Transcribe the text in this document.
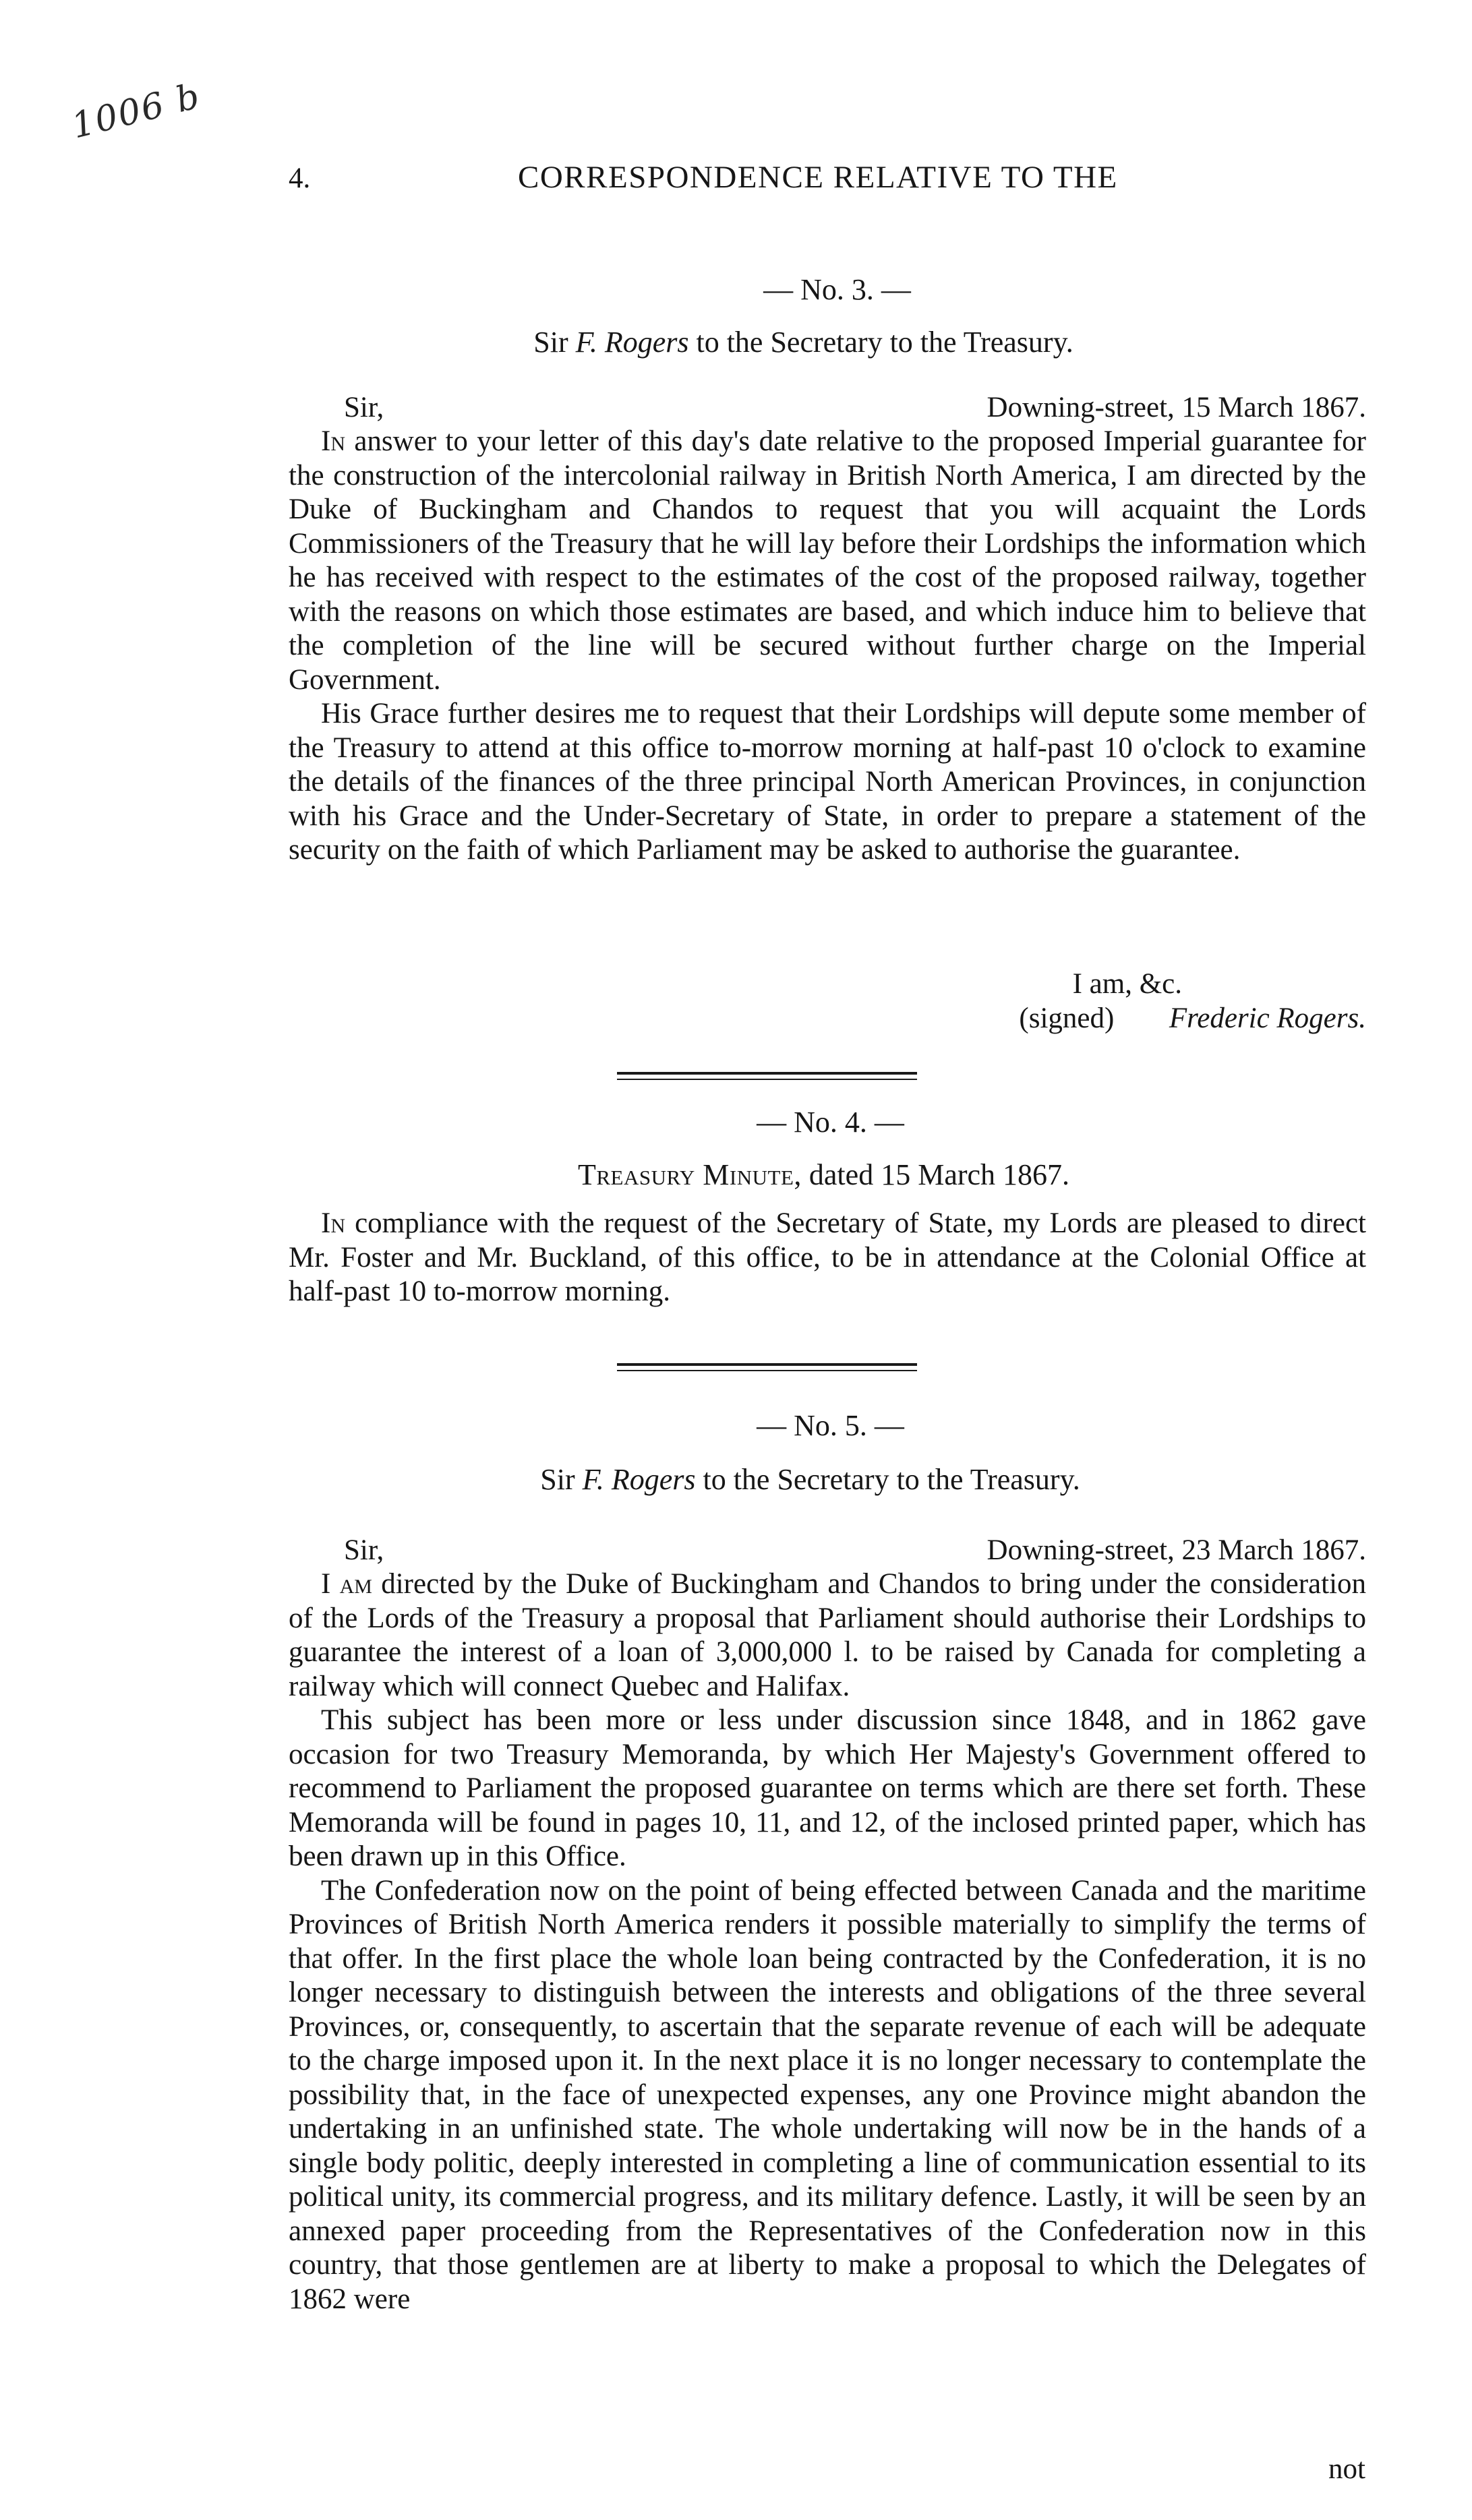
1006 b
4.	CORRESPONDENCE RELATIVE TO THE
— No. 3. —
Sir F. Rogers to the Secretary to the Treasury.
Sir,	Downing-street, 15 March 1867.

In answer to your letter of this day's date relative to the proposed Imperial guarantee for the construction of the intercolonial railway in British North America, I am directed by the Duke of Buckingham and Chandos to request that you will acquaint the Lords Commissioners of the Treasury that he will lay before their Lordships the information which he has received with respect to the estimates of the cost of the proposed railway, together with the reasons on which those estimates are based, and which induce him to believe that the completion of the line will be secured without further charge on the Imperial Government.

His Grace further desires me to request that their Lordships will depute some member of the Treasury to attend at this office to-morrow morning at half-past 10 o'clock to examine the details of the finances of the three principal North American Provinces, in conjunction with his Grace and the Under-Secretary of State, in order to prepare a statement of the security on the faith of which Parliament may be asked to authorise the guarantee.

I am, &c.
(signed) Frederic Rogers.
— No. 4. —
Treasury Minute, dated 15 March 1867.

In compliance with the request of the Secretary of State, my Lords are pleased to direct Mr. Foster and Mr. Buckland, of this office, to be in attendance at the Colonial Office at half-past 10 to-morrow morning.

— No. 5. —
Sir F. Rogers to the Secretary to the Treasury.
Sir,	Downing-street, 23 March 1867.

I am directed by the Duke of Buckingham and Chandos to bring under the consideration of the Lords of the Treasury a proposal that Parliament should authorise their Lordships to guarantee the interest of a loan of 3,000,000 l. to be raised by Canada for completing a railway which will connect Quebec and Halifax.

This subject has been more or less under discussion since 1848, and in 1862 gave occasion for two Treasury Memoranda, by which Her Majesty's Government offered to recommend to Parliament the proposed guarantee on terms which are there set forth. These Memoranda will be found in pages 10, 11, and 12, of the inclosed printed paper, which has been drawn up in this Office.

The Confederation now on the point of being effected between Canada and the maritime Provinces of British North America renders it possible materially to simplify the terms of that offer. In the first place the whole loan being contracted by the Confederation, it is no longer necessary to distinguish between the interests and obligations of the three several Provinces, or, consequently, to ascertain that the separate revenue of each will be adequate to the charge imposed upon it. In the next place it is no longer necessary to contemplate the possibility that, in the face of unexpected expenses, any one Province might abandon the undertaking in an unfinished state. The whole undertaking will now be in the hands of a single body politic, deeply interested in completing a line of communication essential to its political unity, its commercial progress, and its military defence. Lastly, it will be seen by an annexed paper proceeding from the Representatives of the Confederation now in this country, that those gentlemen are at liberty to make a proposal to which the Delegates of 1862 were

not
